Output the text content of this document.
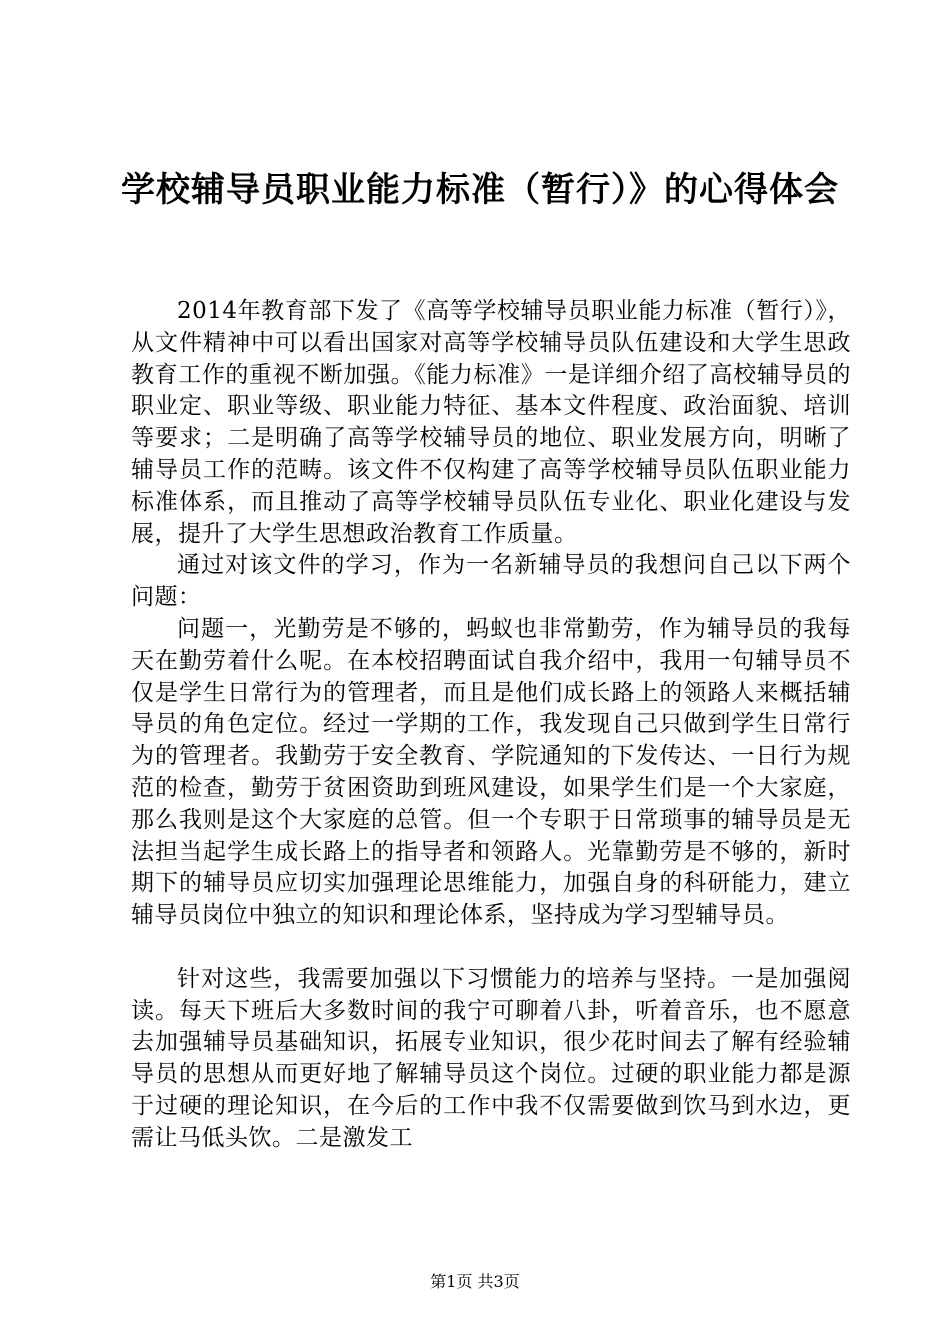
学校辅导员职业能力标准（暂行）》的心得体会

2014年教育部下发了《高等学校辅导员职业能力标准（暂行）》，从文件精神中可以看出国家对高等学校辅导员队伍建设和大学生思政教育工作的重视不断加强。《能力标准》一是详细介绍了高校辅导员的职业定、职业等级、职业能力特征、基本文件程度、政治面貌、培训等要求；二是明确了高等学校辅导员的地位、职业发展方向，明晰了辅导员工作的范畴。该文件不仅构建了高等学校辅导员队伍职业能力标准体系，而且推动了高等学校辅导员队伍专业化、职业化建设与发展，提升了大学生思想政治教育工作质量。

通过对该文件的学习，作为一名新辅导员的我想问自己以下两个问题：

问题一，光勤劳是不够的，蚂蚁也非常勤劳，作为辅导员的我每天在勤劳着什么呢。在本校招聘面试自我介绍中，我用一句辅导员不仅是学生日常行为的管理者，而且是他们成长路上的领路人来概括辅导员的角色定位。经过一学期的工作，我发现自己只做到学生日常行为的管理者。我勤劳于安全教育、学院通知的下发传达、一日行为规范的检查，勤劳于贫困资助到班风建设，如果学生们是一个大家庭，那么我则是这个大家庭的总管。但一个专职于日常琐事的辅导员是无法担当起学生成长路上的指导者和领路人。光靠勤劳是不够的，新时期下的辅导员应切实加强理论思维能力，加强自身的科研能力，建立辅导员岗位中独立的知识和理论体系，坚持成为学习型辅导员。

针对这些，我需要加强以下习惯能力的培养与坚持。一是加强阅读。每天下班后大多数时间的我宁可聊着八卦，听着音乐，也不愿意去加强辅导员基础知识，拓展专业知识，很少花时间去了解有经验辅导员的思想从而更好地了解辅导员这个岗位。过硬的职业能力都是源于过硬的理论知识，在今后的工作中我不仅需要做到饮马到水边，更需让马低头饮。二是激发工

第1页 共3页
